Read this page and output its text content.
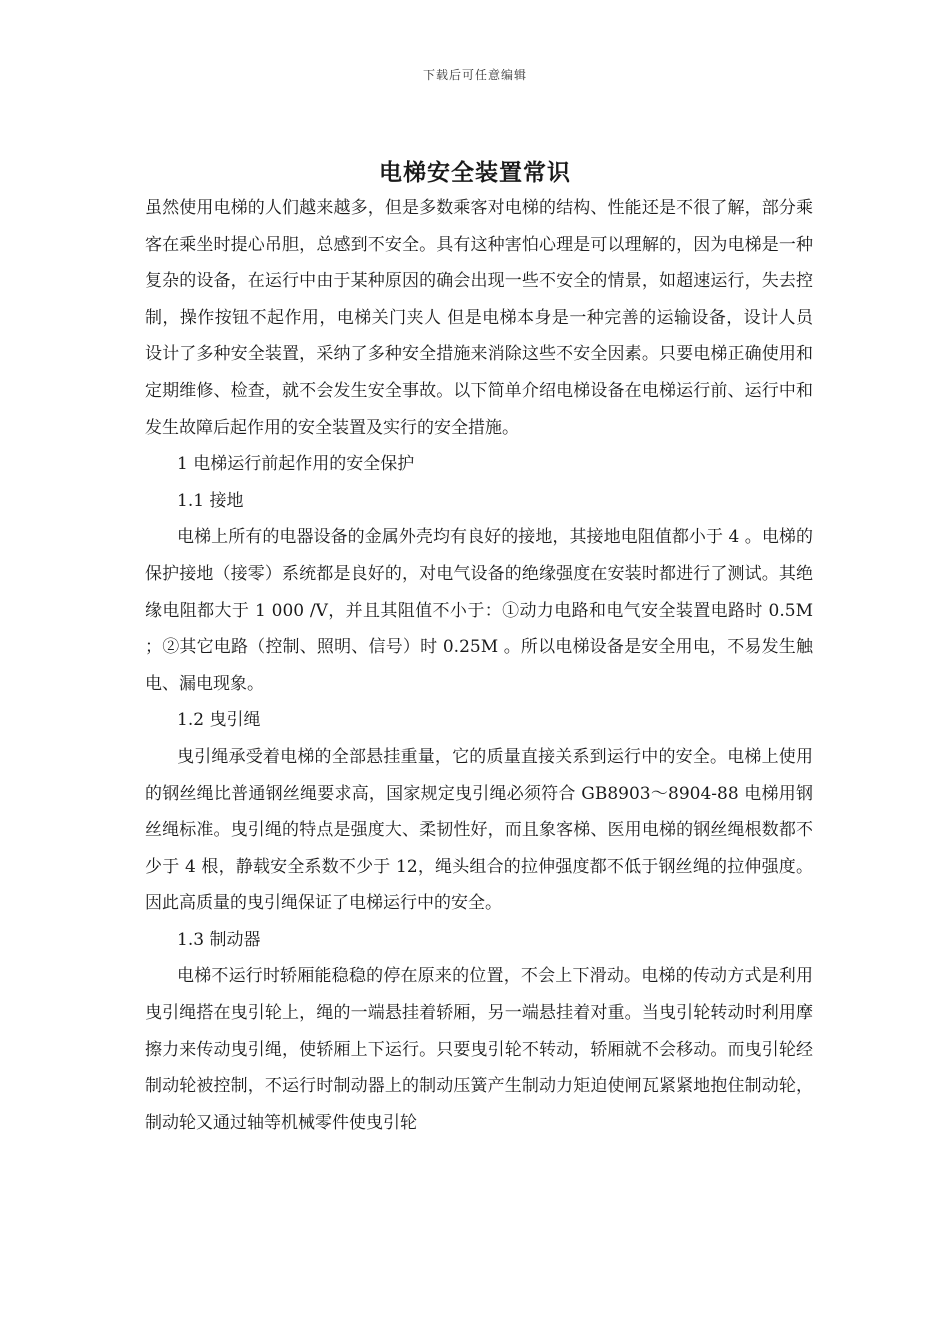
下载后可任意编辑
电梯安全装置常识

虽然使用电梯的人们越来越多，但是多数乘客对电梯的结构、性能还是不很了解，部分乘客在乘坐时提心吊胆，总感到不安全。具有这种害怕心理是可以理解的，因为电梯是一种复杂的设备，在运行中由于某种原因的确会出现一些不安全的情景，如超速运行，失去控制，操作按钮不起作用，电梯关门夹人 但是电梯本身是一种完善的运输设备，设计人员设计了多种安全装置，采纳了多种安全措施来消除这些不安全因素。只要电梯正确使用和定期维修、检查，就不会发生安全事故。以下简单介绍电梯设备在电梯运行前、运行中和发生故障后起作用的安全装置及实行的安全措施。

1 电梯运行前起作用的安全保护

1.1 接地

电梯上所有的电器设备的金属外壳均有良好的接地，其接地电阻值都小于 4 。电梯的保护接地（接零）系统都是良好的，对电气设备的绝缘强度在安装时都进行了测试。其绝缘电阻都大于 1 000 /V，并且其阻值不小于：①动力电路和电气安全装置电路时 0.5M ；②其它电路（控制、照明、信号）时 0.25M 。所以电梯设备是安全用电，不易发生触电、漏电现象。

1.2 曳引绳

曳引绳承受着电梯的全部悬挂重量，它的质量直接关系到运行中的安全。电梯上使用的钢丝绳比普通钢丝绳要求高，国家规定曳引绳必须符合 GB8903～8904-88 电梯用钢丝绳标准。曳引绳的特点是强度大、柔韧性好，而且象客梯、医用电梯的钢丝绳根数都不少于 4 根，静载安全系数不少于 12，绳头组合的拉伸强度都不低于钢丝绳的拉伸强度。因此高质量的曳引绳保证了电梯运行中的安全。

1.3 制动器

电梯不运行时轿厢能稳稳的停在原来的位置，不会上下滑动。电梯的传动方式是利用曳引绳搭在曳引轮上，绳的一端悬挂着轿厢，另一端悬挂着对重。当曳引轮转动时利用摩擦力来传动曳引绳，使轿厢上下运行。只要曳引轮不转动，轿厢就不会移动。而曳引轮经制动轮被控制，不运行时制动器上的制动压簧产生制动力矩迫使闸瓦紧紧地抱住制动轮，制动轮又通过轴等机械零件使曳引轮
